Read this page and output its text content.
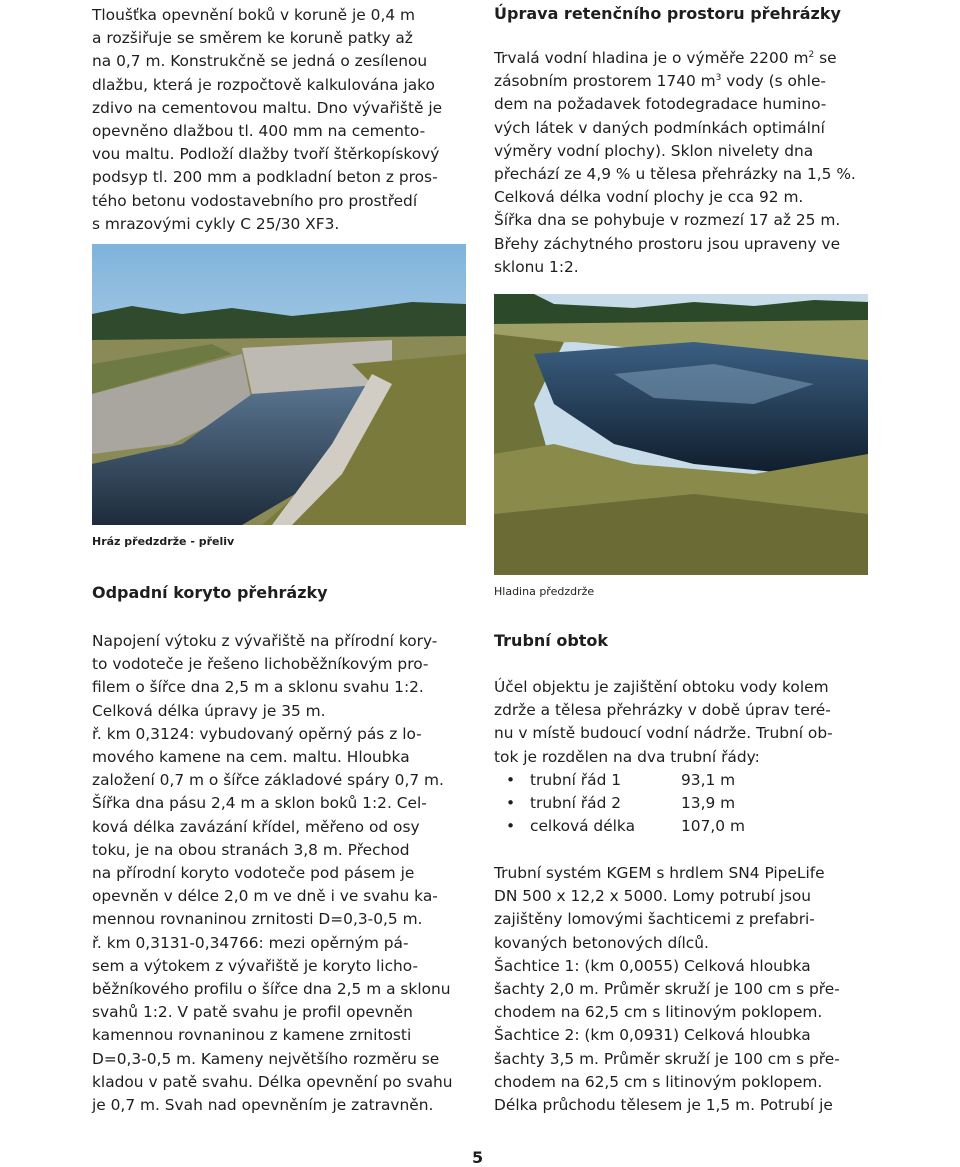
Tloušťka opevnění boků v koruně je 0,4 m
a rozšiřuje se směrem ke koruně patky až
na 0,7 m. Konstrukčně se jedná o zesílenou
dlažbu, která je rozpočtově kalkulována jako
zdivo na cementovou maltu. Dno vývařiště je
opevněno dlažbou tl. 400 mm na cemento-
vou maltu. Podloží dlažby tvoří štěrkopískový
podsyp tl. 200 mm a podkladní beton z pros-
tého betonu vodostavebního pro prostředí
s mrazovými cykly C 25/30 XF3.
Úprava retenčního prostoru přehrázky
Trvalá vodní hladina je o výměře 2200 $m^2$ se
zásobním prostorem 1740 $m^3$ vody (s ohle-
dem na požadavek fotodegradace humino-
vých látek v daných podmínkách optimální
výměry vodní plochy). Sklon nivelety dna
přechází ze 4,9 % u tělesa přehrázky na 1,5 %.
Celková délka vodní plochy je cca 92 m.
Šířka dna se pohybuje v rozmezí 17 až 25 m.
Břehy záchytného prostoru jsou upraveny ve
sklonu 1:2.

Hráz předzdrže - přeliv

Hladina předzdrže

Odpadní koryto přehrázky
Napojení výtoku z vývařiště na přírodní kory-
to vodoteče je řešeno lichoběžníkovým pro-
filem o šířce dna 2,5 m a sklonu svahu 1:2.
Celková délka úpravy je 35 m.
ř. km 0,3124: vybudovaný opěrný pás z lo-
mového kamene na cem. maltu. Hloubka
založení 0,7 m o šířce základové spáry 0,7 m.
Šířka dna pásu 2,4 m a sklon boků 1:2. Cel-
ková délka zavázání křídel, měřeno od osy
toku, je na obou stranách 3,8 m. Přechod
na přírodní koryto vodoteče pod pásem je
opevněn v délce 2,0 m ve dně i ve svahu ka-
mennou rovnaninou zrnitosti D=0,3-0,5 m.
ř. km 0,3131-0,34766: mezi opěrným pá-
sem a výtokem z vývařiště je koryto licho-
běžníkového profilu o šířce dna 2,5 m a sklonu
svahů 1:2. V patě svahu je profil opevněn
kamennou rovnaninou z kamene zrnitosti
D=0,3-0,5 m. Kameny největšího rozměru se
kladou v patě svahu. Délka opevnění po svahu
je 0,7 m. Svah nad opevněním je zatravněn.
Trubní obtok
Účel objektu je zajištění obtoku vody kolem
zdrže a tělesa přehrázky v době úprav teré-
nu v místě budoucí vodní nádrže. Trubní ob-
tok je rozdělen na dva trubní řády:
• trubní řád 1	93,1 m
• trubní řád 2	13,9 m
• celková délka	107,0 m
Trubní systém KGEM s hrdlem SN4 PipeLife
DN 500 x 12,2 x 5000. Lomy potrubí jsou
zajištěny lomovými šachticemi z prefabri-
kovaných betonových dílců.
Šachtice 1: (km 0,0055) Celková hloubka
šachty 2,0 m. Průměr skruží je 100 cm s pře-
chodem na 62,5 cm s litinovým poklopem.
Šachtice 2: (km 0,0931) Celková hloubka
šachty 3,5 m. Průměr skruží je 100 cm s pře-
chodem na 62,5 cm s litinovým poklopem.
Délka průchodu tělesem je 1,5 m. Potrubí je

5
